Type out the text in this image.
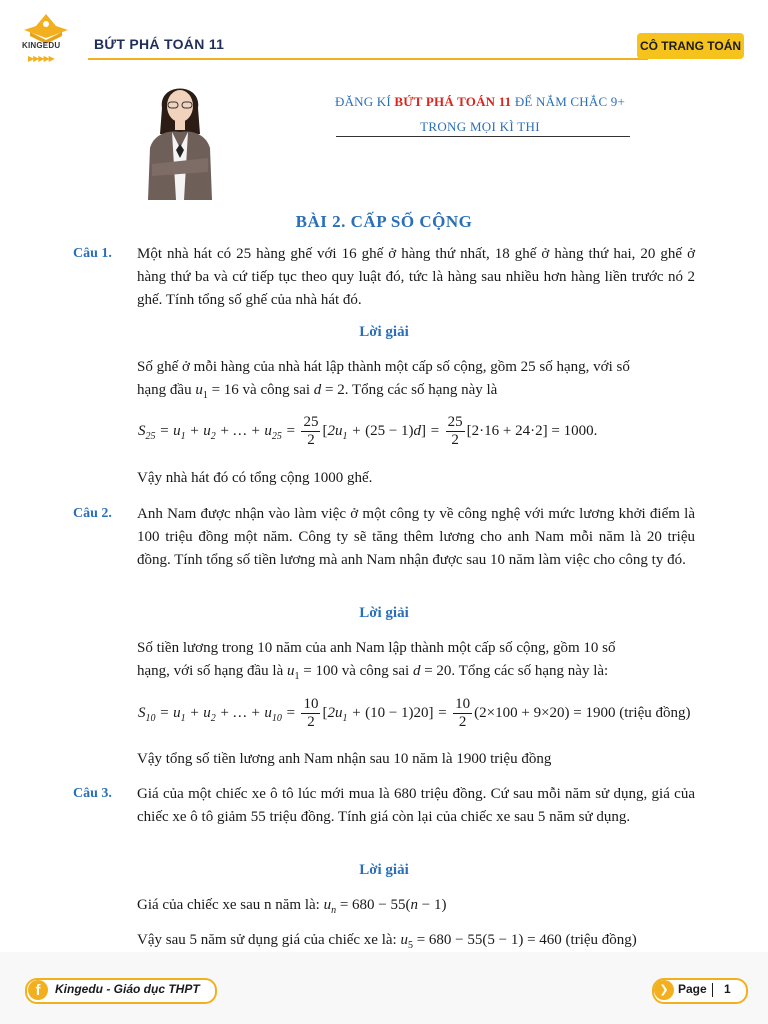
KINGEDU
▶▶▶▶▶
BỨT PHÁ TOÁN 11	CÔ TRANG TOÁN
ĐĂNG KÍ BỨT PHÁ TOÁN 11 ĐỂ NẮM CHẮC 9+
TRONG MỌI KÌ THI
BÀI 2. CẤP SỐ CỘNG
Câu 1. Một nhà hát có 25 hàng ghế với 16 ghế ở hàng thứ nhất, 18 ghế ở hàng thứ hai, 20 ghế ở hàng thứ ba và cứ tiếp tục theo quy luật đó, tức là hàng sau nhiều hơn hàng liền trước nó 2 ghế. Tính tổng số ghế của nhà hát đó.
Lời giải
Số ghế ở mỗi hàng của nhà hát lập thành một cấp số cộng, gồm 25 số hạng, với số
hạng đầu $u_1 = 16$ và công sai d = 2. Tổng các số hạng này là
$S_{25} = u_1 + u_2$ + … + $u_{25} = \frac{25}{2} [2u_1 + (25 - 1)d] = \frac{25}{2} [2\cdot 16 + 24\cdot 2] = 1000$.
Vậy nhà hát đó có tổng cộng 1000 ghế.
Câu 2. Anh Nam được nhận vào làm việc ở một công ty về công nghệ với mức lương khởi điểm là 100 triệu đồng một năm. Công ty sẽ tăng thêm lương cho anh Nam mỗi năm là 20 triệu đồng. Tính tổng số tiền lương mà anh Nam nhận được sau 10 năm làm việc cho công ty đó.
Lời giải
Số tiền lương trong 10 năm của anh Nam lập thành một cấp số cộng, gồm 10 số
hạng, với số hạng đầu là $u_1 = 100$ và công sai d = 20. Tổng các số hạng này là:
$S_{10} = u_1 + u_2$ + … + $u_{10} = \frac{10}{2} [2u_1 + (10 - 1)20] = \frac{10}{2} (2\times 100 + 9\times 20) = 1900$ (triệu đồng)
Vậy tổng số tiền lương anh Nam nhận sau 10 năm là 1900 triệu đồng
Câu 3. Giá của một chiếc xe ô tô lúc mới mua là 680 triệu đồng. Cứ sau mỗi năm sử dụng, giá của chiếc xe ô tô giảm 55 triệu đồng. Tính giá còn lại của chiếc xe sau 5 năm sử dụng.
Lời giải
Giá của chiếc xe sau n năm là: $u_n = 680 - 55(n - 1)$
Vậy sau 5 năm sử dụng giá của chiếc xe là: $u_5 = 680 - 55(5 - 1) = 460$ (triệu đồng)
f	Kingedu - Giáo dục THPT	❯ Page 1
